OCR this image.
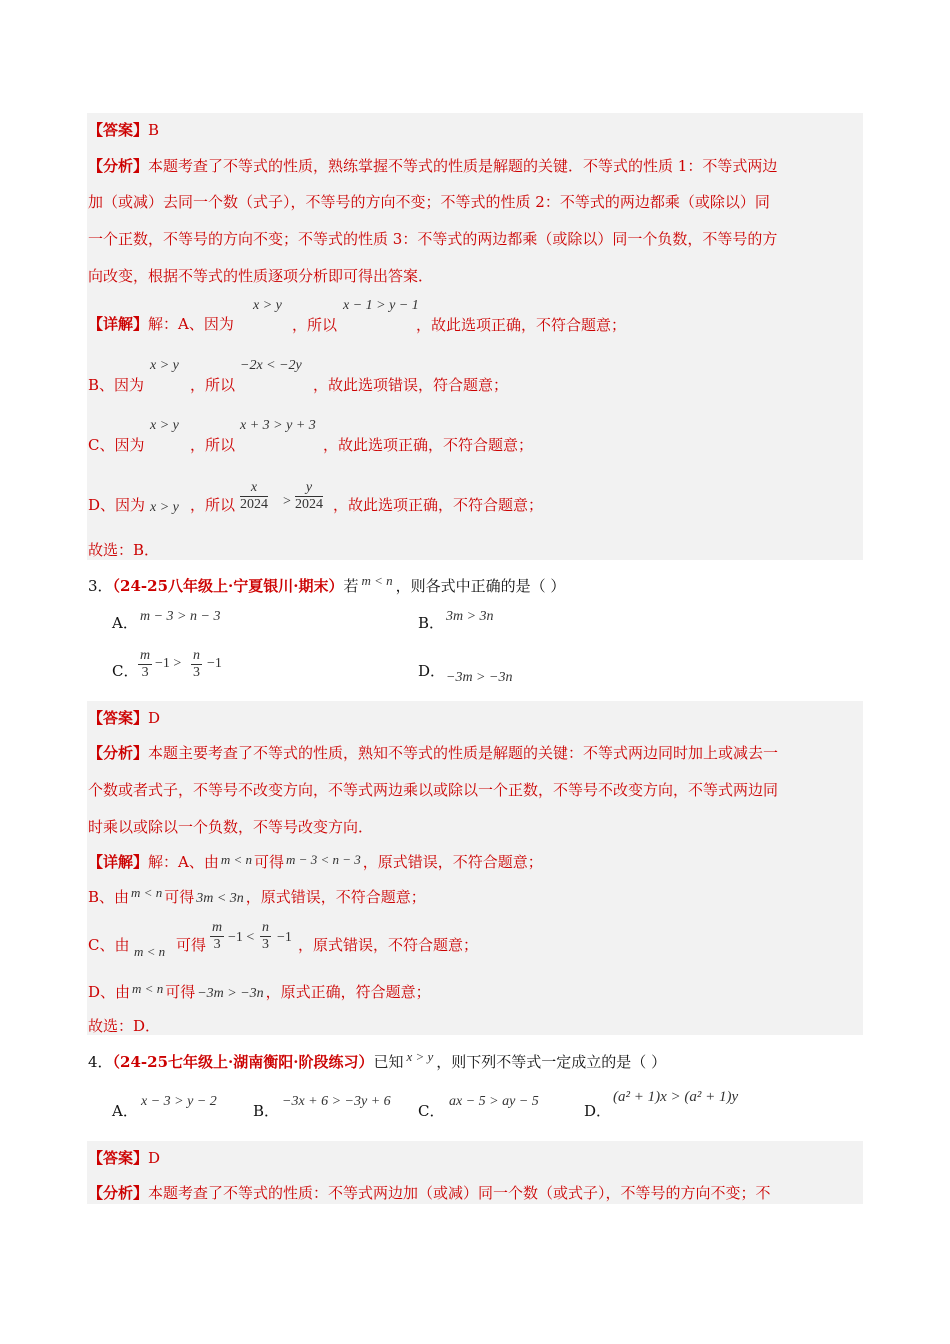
【答案】B
【分析】本题考查了不等式的性质，熟练掌握不等式的性质是解题的关键．不等式的性质 1：不等式两边
加（或减）去同一个数（式子），不等号的方向不变；不等式的性质 2：不等式的两边都乘（或除以）同
一个正数，不等号的方向不变；不等式的性质 3：不等式的两边都乘（或除以）同一个负数，不等号的方
向改变，根据不等式的性质逐项分析即可得出答案．
【详解】解：A、因为
x > y
，所以
x − 1 > y − 1
，故此选项正确，不符合题意；
B、因为
x > y
，所以
−2x < −2y
，故此选项错误，符合题意；
C、因为
x > y
，所以
x + 3 > y + 3
，故此选项正确，不符合题意；
D、因为 x > y ，所以 $\frac{x}{2024} > \frac{y}{2024}$ ，故此选项正确，不符合题意；
故选：B．
3．（24-25八年级上·宁夏银川·期末）若 m < n ，则各式中正确的是（ ）
A． m − 3 > n − 3	B． 3m > 3n
C． $\frac{m}{3} -1 > \frac{n}{3} -1$	D． −3m > −3n
【答案】D
【分析】本题主要考查了不等式的性质，熟知不等式的性质是解题的关键：不等式两边同时加上或减去一
个数或者式子，不等号不改变方向，不等式两边乘以或除以一个正数，不等号不改变方向，不等式两边同
时乘以或除以一个负数，不等号改变方向．
【详解】解：A、由 m < n 可得 m − 3 < n − 3 ，原式错误，不符合题意；
B、由 m < n 可得 3m < 3n ，原式错误，不符合题意；
C、由 m < n 可得 $\frac{m}{3} -1 < \frac{n}{3} -1$ ，原式错误，不符合题意；
D、由 m < n 可得 −3m > −3n ，原式正确，符合题意；
故选：D．
4．（24-25七年级上·湖南衡阳·阶段练习）已知 x > y ，则下列不等式一定成立的是（ ）
A．
x − 3 > y − 2
B．
−3x + 6 > −3y + 6
C．
ax − 5 > ay − 5
D．
(a² + 1)x > (a² + 1)y
【答案】D
【分析】本题考查了不等式的性质：不等式两边加（或减）同一个数（或式子），不等号的方向不变；不
